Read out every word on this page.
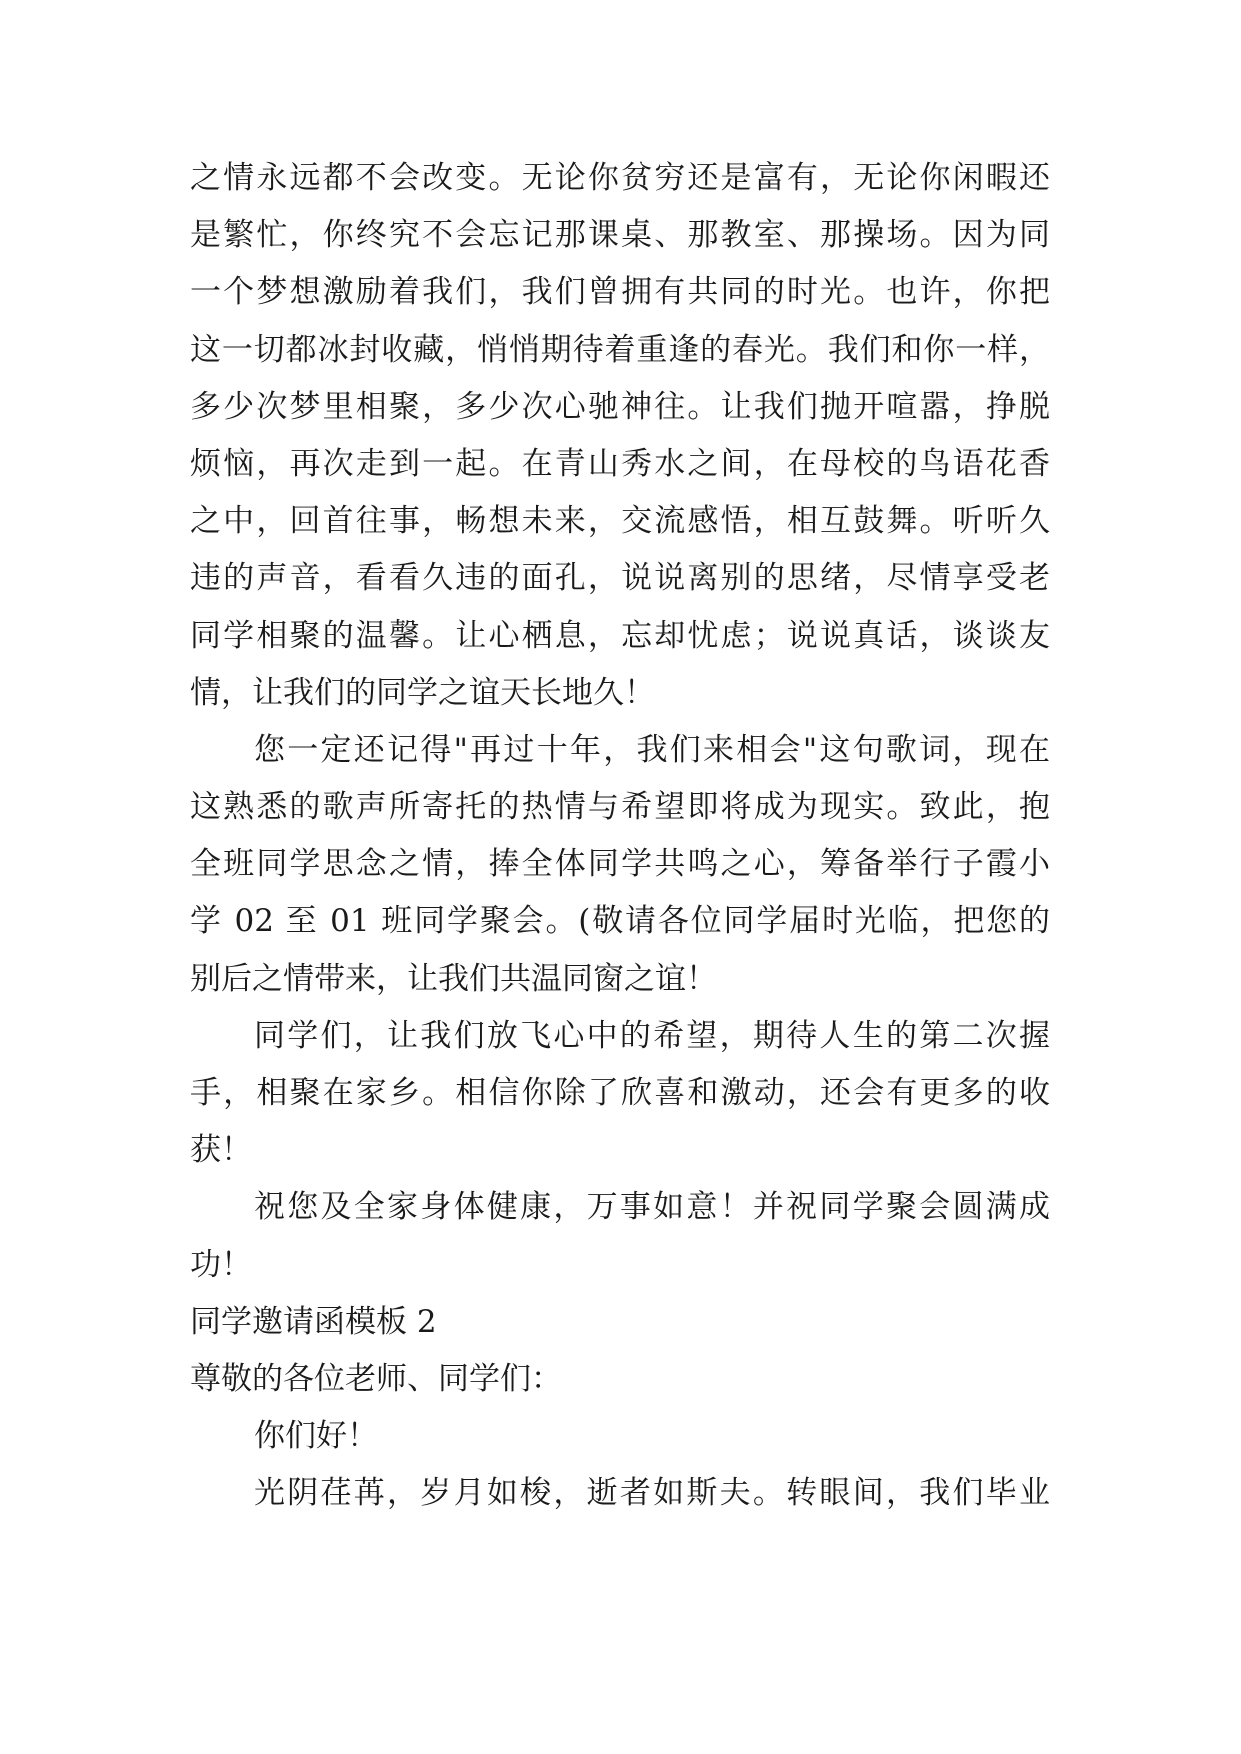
之情永远都不会改变。无论你贫穷还是富有，无论你闲暇还
是繁忙，你终究不会忘记那课桌、那教室、那操场。因为同
一个梦想激励着我们，我们曾拥有共同的时光。也许，你把
这一切都冰封收藏，悄悄期待着重逢的春光。我们和你一样，
多少次梦里相聚，多少次心驰神往。让我们抛开喧嚣，挣脱
烦恼，再次走到一起。在青山秀水之间，在母校的鸟语花香
之中，回首往事，畅想未来，交流感悟，相互鼓舞。听听久
违的声音，看看久违的面孔，说说离别的思绪，尽情享受老
同学相聚的温馨。让心栖息，忘却忧虑；说说真话，谈谈友
情，让我们的同学之谊天长地久！
您一定还记得"再过十年，我们来相会"这句歌词，现在
这熟悉的歌声所寄托的热情与希望即将成为现实。致此，抱
全班同学思念之情，捧全体同学共鸣之心，筹备举行子霞小
学 02 至 01 班同学聚会。(敬请各位同学届时光临，把您的
别后之情带来，让我们共温同窗之谊！
同学们，让我们放飞心中的希望，期待人生的第二次握
手，相聚在家乡。相信你除了欣喜和激动，还会有更多的收
获！
祝您及全家身体健康，万事如意！并祝同学聚会圆满成
功！
同学邀请函模板 2
尊敬的各位老师、同学们：
你们好！
光阴荏苒，岁月如梭，逝者如斯夫。转眼间，我们毕业
